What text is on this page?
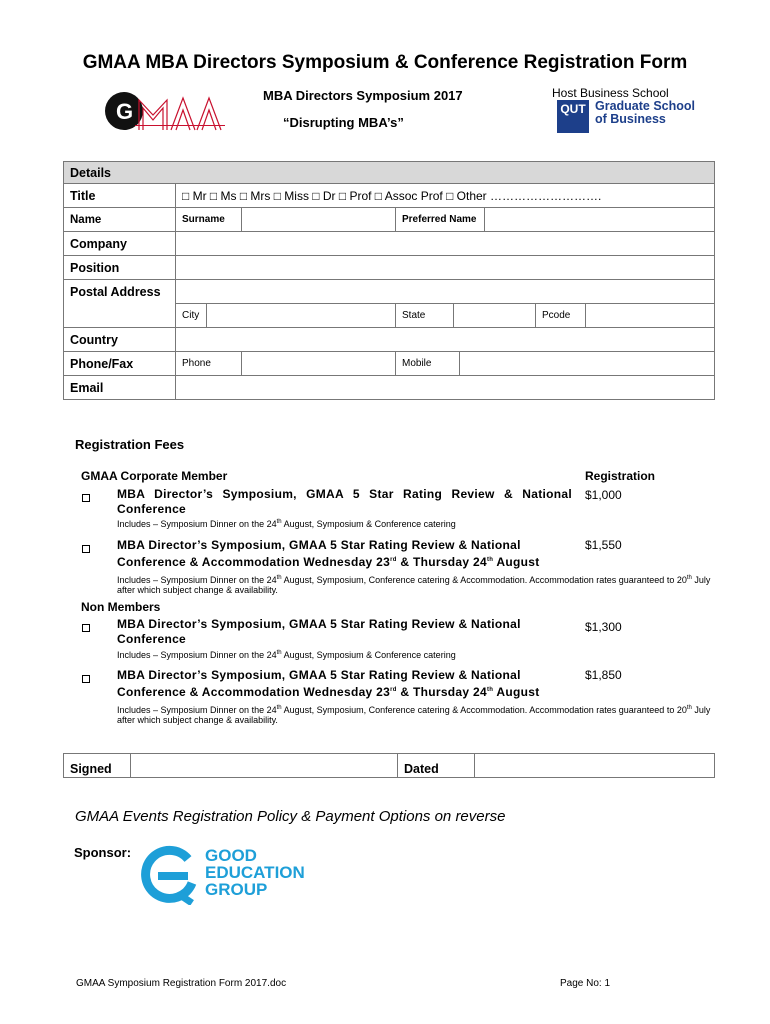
GMAA MBA Directors Symposium & Conference Registration Form
G
MBA Directors Symposium 2017
“Disrupting MBA’s”
Host Business School
QUT Graduate School
of Business
Details	
Title	□ Mr □ Ms □ Mrs □ Miss □ Dr □ Prof □ Assoc Prof □ Other ……………………….
Name	Surname Preferred Name

Company	
Position	
Postal Address	

City State Pcode

Country	
Phone/Fax	Phone Mobile

Email	
Registration Fees
GMAA Corporate Member	Registration
MBA Director’s Symposium, GMAA 5 Star Rating Review & National Conference
$1,000
Includes – Symposium Dinner on the 24th August, Symposium & Conference catering
MBA Director’s Symposium, GMAA 5 Star Rating Review & National Conference & Accommodation Wednesday 23rd & Thursday 24th August
$1,550
Includes – Symposium Dinner on the 24th August, Symposium, Conference catering & Accommodation. Accommodation rates guaranteed to 20th July after which subject change & availability.
Non Members
MBA Director’s Symposium, GMAA 5 Star Rating Review & National Conference
$1,300
Includes – Symposium Dinner on the 24th August, Symposium & Conference catering
MBA Director’s Symposium, GMAA 5 Star Rating Review & National Conference & Accommodation Wednesday 23rd & Thursday 24th August
$1,850
Includes – Symposium Dinner on the 24th August, Symposium, Conference catering & Accommodation. Accommodation rates guaranteed to 20th July after which subject change & availability.
Signed		Dated	
GMAA Events Registration Policy & Payment Options on reverse
Sponsor:	GOOD
EDUCATION
GROUP
GMAA Symposium Registration Form 2017.doc	Page No: 1
